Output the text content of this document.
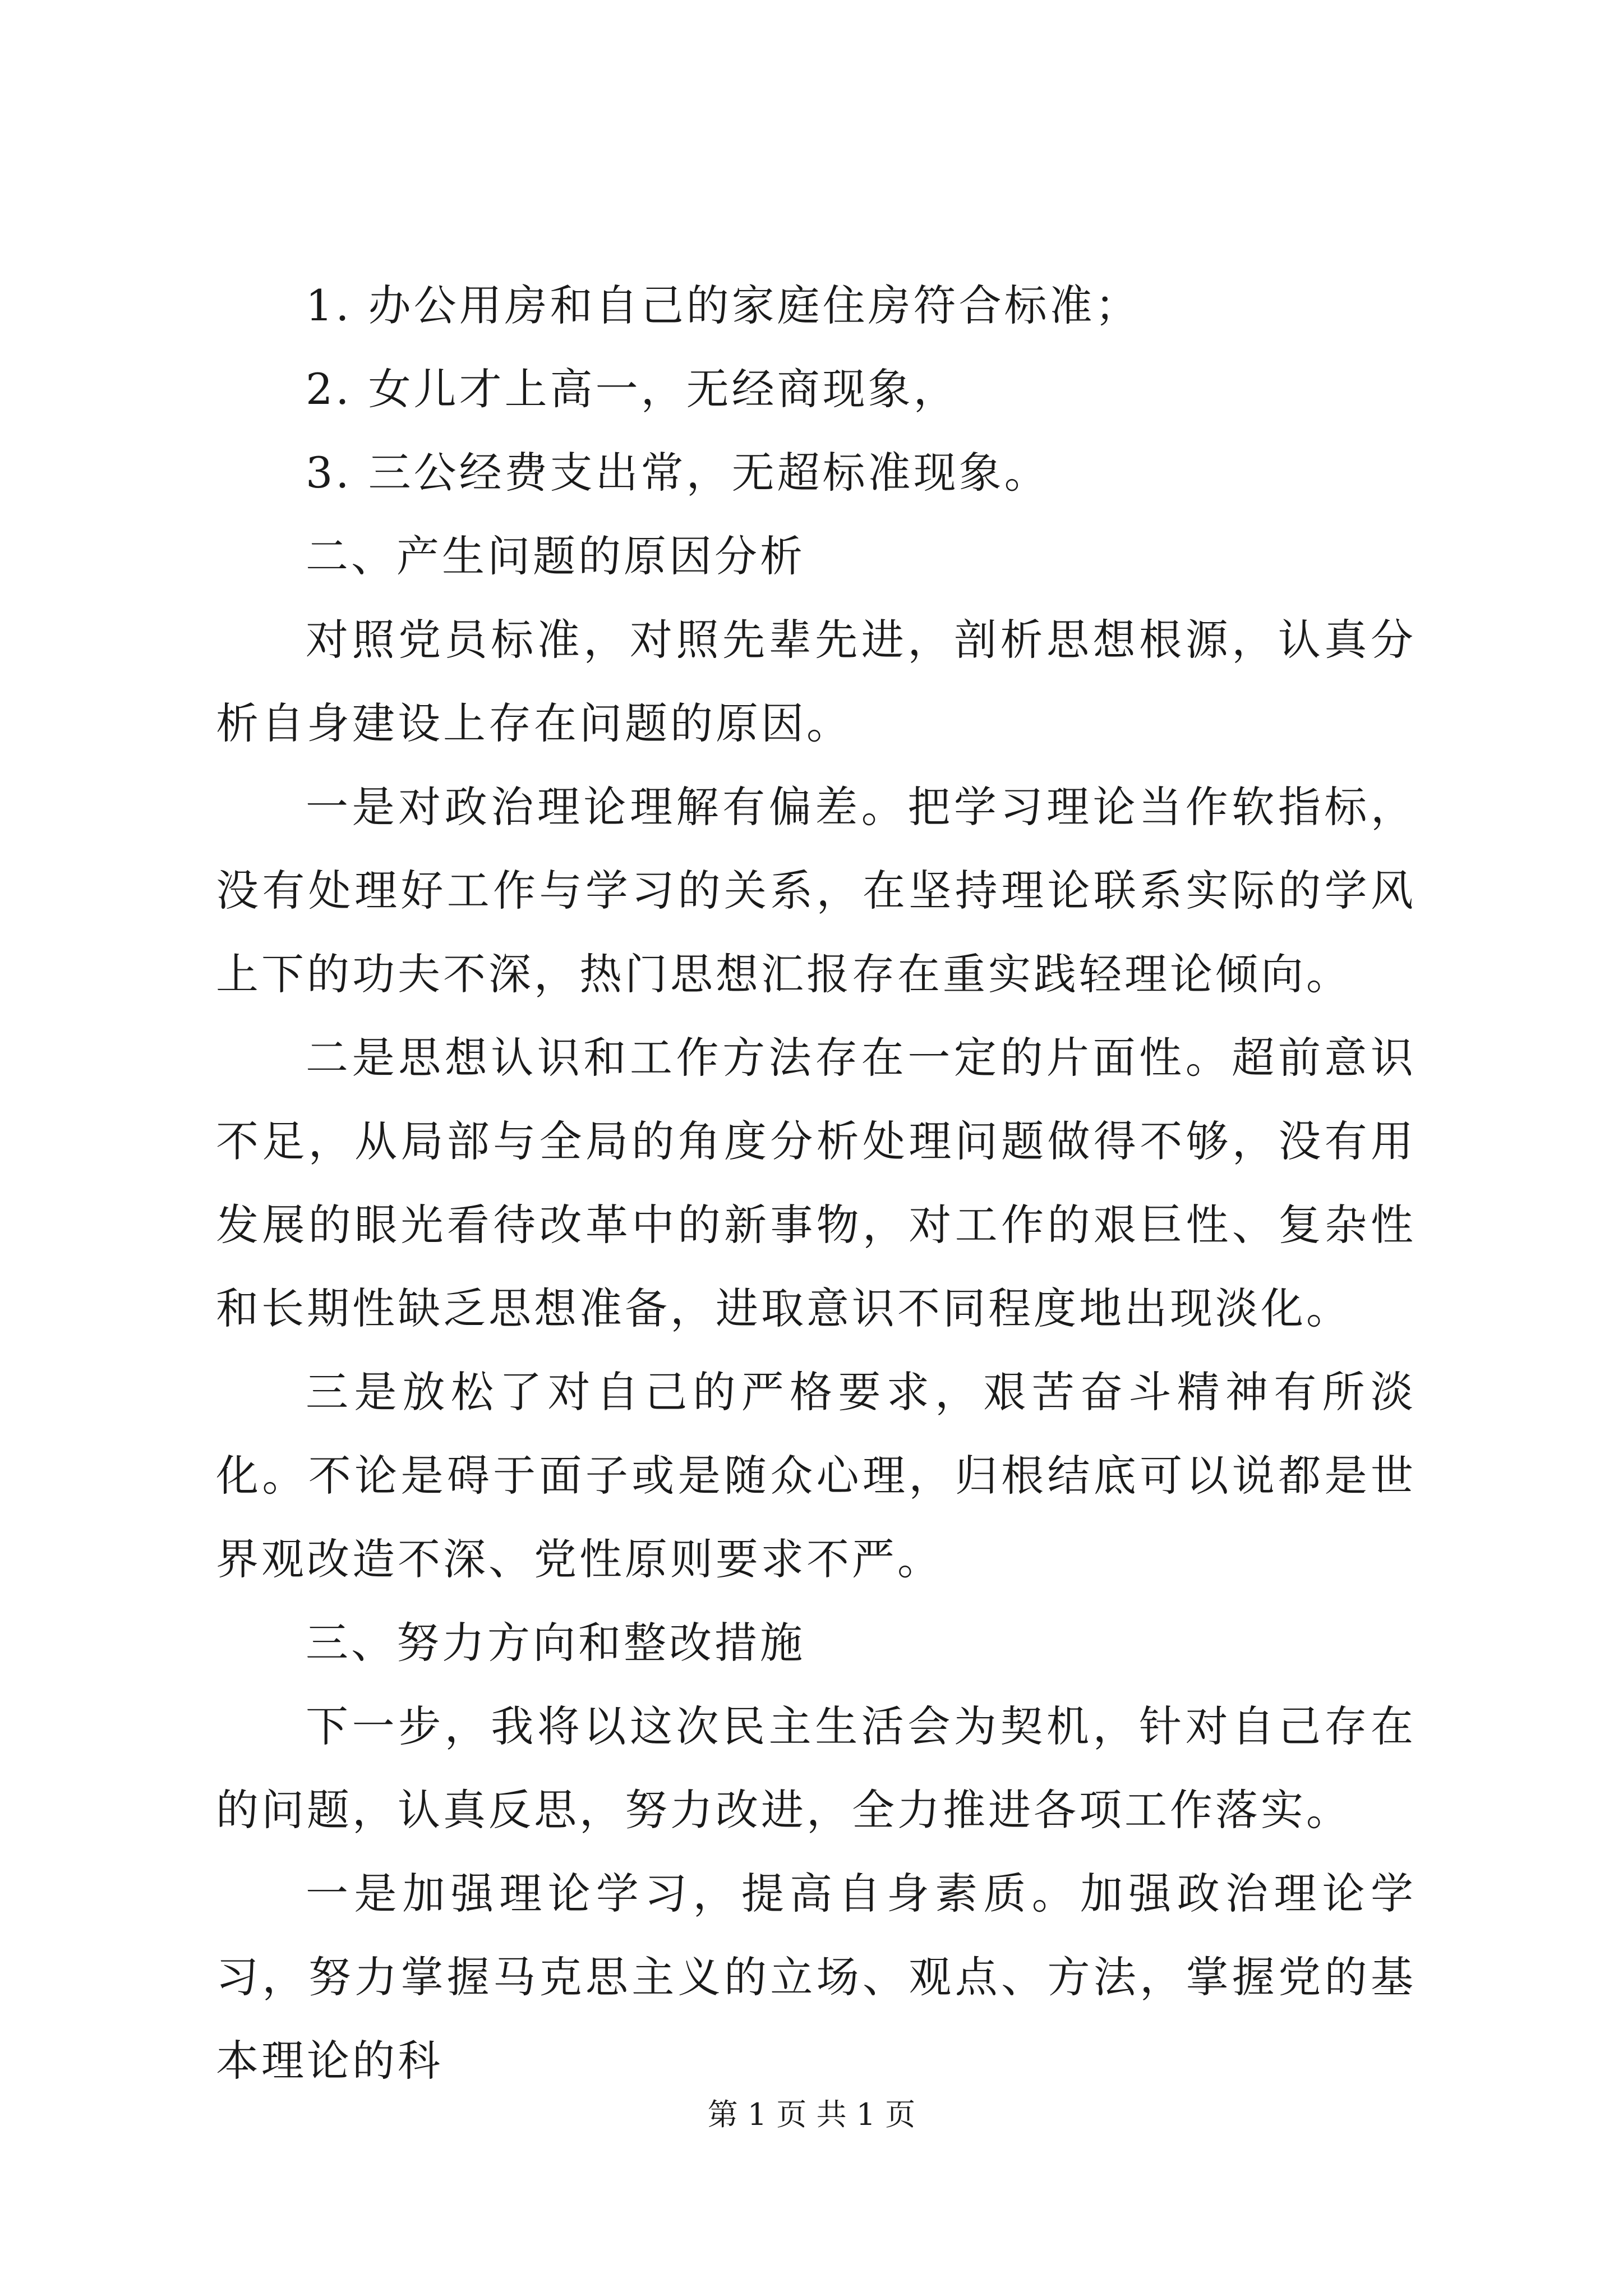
1. 办公用房和自己的家庭住房符合标准；

2. 女儿才上高一，无经商现象，

3. 三公经费支出常，无超标准现象。

二、产生问题的原因分析

对照党员标准，对照先辈先进，剖析思想根源，认真分析自身建设上存在问题的原因。

一是对政治理论理解有偏差。把学习理论当作软指标，没有处理好工作与学习的关系，在坚持理论联系实际的学风上下的功夫不深，热门思想汇报存在重实践轻理论倾向。

二是思想认识和工作方法存在一定的片面性。超前意识不足，从局部与全局的角度分析处理问题做得不够，没有用发展的眼光看待改革中的新事物，对工作的艰巨性、复杂性和长期性缺乏思想准备，进取意识不同程度地出现淡化。

三是放松了对自己的严格要求，艰苦奋斗精神有所淡化。不论是碍于面子或是随众心理，归根结底可以说都是世界观改造不深、党性原则要求不严。

三、努力方向和整改措施

下一步，我将以这次民主生活会为契机，针对自己存在的问题，认真反思，努力改进，全力推进各项工作落实。

一是加强理论学习，提高自身素质。加强政治理论学习，努力掌握马克思主义的立场、观点、方法，掌握党的基本理论的科

第 1 页 共 1 页
